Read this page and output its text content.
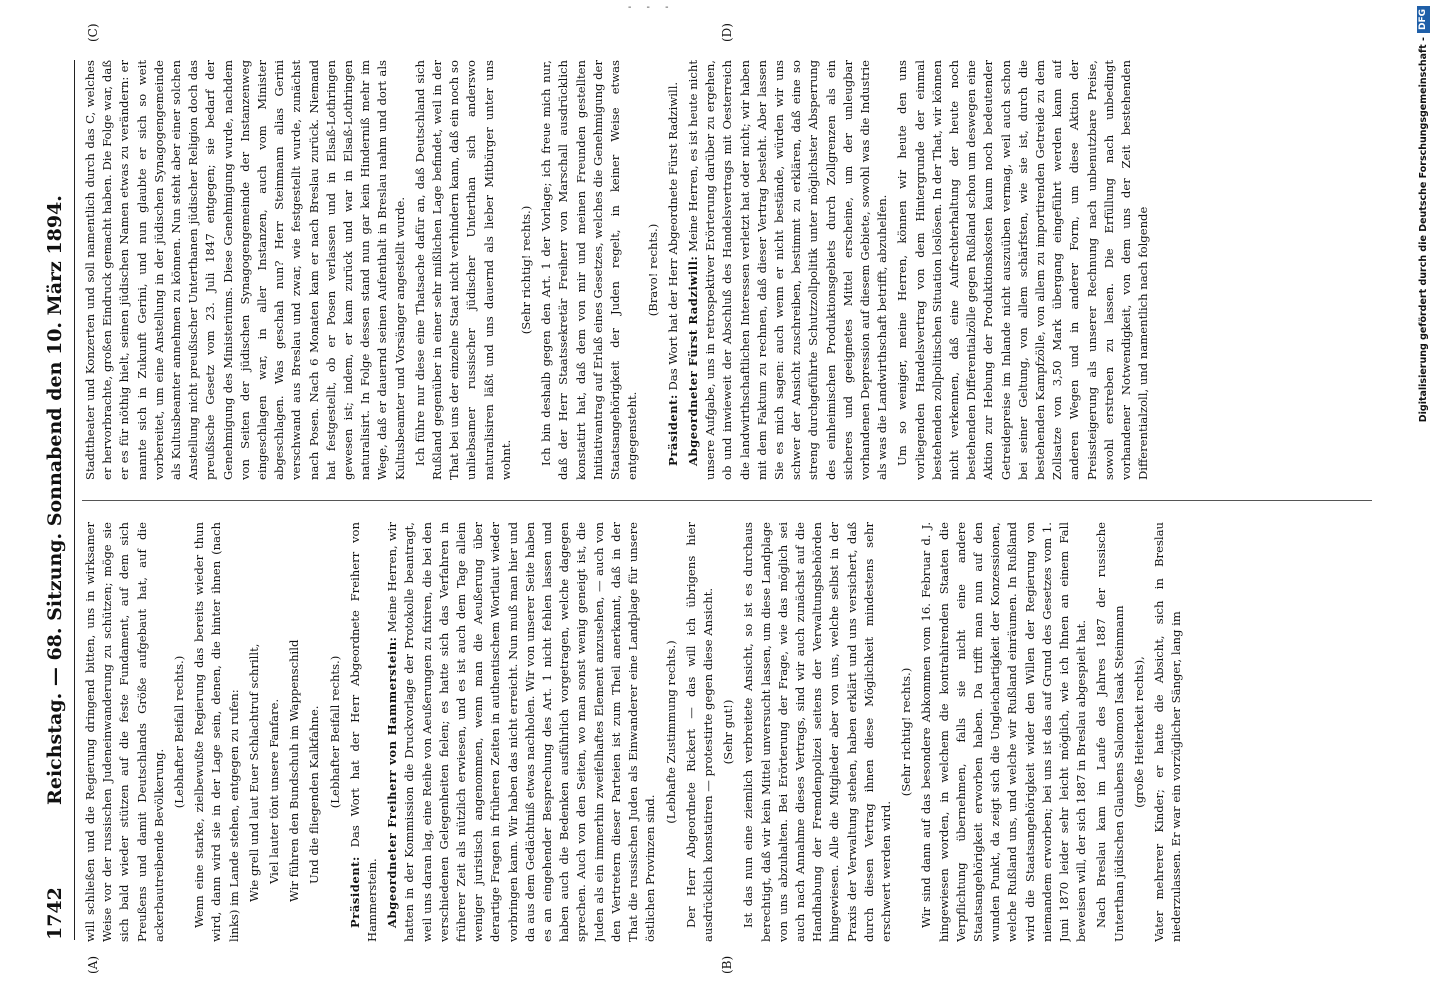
1742
Reichstag. — 68. Sitzung. Sonnabend den 10. März 1894.
(A)	(B)
(C)	(D)

will schließen und die Regierung dringend bitten, uns in wirksamer Weise vor der russischen Judeneinwanderung zu schützen; möge sie sich bald wieder stützen auf die feste Fundament, auf dem sich Preußens und damit Deutschlands Größe aufgebaut hat, auf die ackerbautreibende Bevölkerung.

(Lebhafter Beifall rechts.) Wenn eine starke, zielbewußte Regierung das bereits wieder thun wird, dann wird sie in der Lage sein, denen, die hinter ihnen (nach links) im Lande stehen, entgegen zu rufen: Wie grell und laut Euer Schlachtruf schrillt, Viel lauter tönt unsere Fanfare. Wir führen den Bundschuh im Wappenschild Und die fliegenden Kalkfahne. (Lebhafter Beifall rechts.)

Präsident: Das Wort hat der Herr Abgeordnete Freiherr von Hammerstein. Abgeordneter Freiherr von Hammerstein: Meine Herren, wir hatten in der Kommission die Druckvorlage der Protokolle beantragt, weil uns daran lag, eine Reihe von Aeußerungen zu fixiren, die bei den verschiedenen Gelegenheiten fielen; es hatte sich das Verfahren in früherer Zeit als nützlich erwiesen, und es ist auch dem Tage allein weniger juristisch angenommen, wenn man die Aeußerung über derartige Fragen in früheren Zeiten in authentischem Wortlaut wieder vorbringen kann. Wir haben das nicht erreicht. Nun muß man hier und da aus dem Gedächtniß etwas nachholen. Wir von unserer Seite haben es an eingehender Besprechung des Art. 1 nicht fehlen lassen und haben auch die Bedenken ausführlich vorgetragen, welche dagegen sprechen. Auch von den Seiten, wo man sonst wenig geneigt ist, die Juden als ein immerhin zweifelhaftes Element anzusehen, — auch von den Vertretern dieser Parteien ist zum Theil anerkannt, daß in der That die russischen Juden als Einwanderer eine Landplage für unsere östlichen Provinzen sind.

(Lebhafte Zustimmung rechts.) Der Herr Abgeordnete Rickert — das will ich übrigens hier ausdrücklich konstatiren — protestirte gegen diese Ansicht. (Sehr gut!) Ist das nun eine ziemlich verbreitete Ansicht, so ist es durchaus berechtigt, daß wir kein Mittel unversucht lassen, um diese Landplage von uns abzuhalten. Bei Erörterung der Frage, wie das möglich sei auch nach Annahme dieses Vertrags, sind wir auch zunächst auf die Handhabung der Fremdenpolizei seitens der Verwaltungsbehörden hingewiesen. Alle die Mitglieder aber von uns, welche selbst in der Praxis der Verwaltung stehen, haben erklärt und uns versichert, daß durch diesen Vertrag ihnen diese Möglichkeit mindestens sehr erschwert werden wird.

(Sehr richtig! rechts.) Wir sind dann auf das besondere Abkommen vom 16. Februar d. J. hingewiesen worden, in welchem die kontrahirenden Staaten die Verpflichtung übernehmen, falls sie nicht eine andere Staatsangehörigkeit erworben haben. Da trifft man nun auf den wunden Punkt, da zeigt sich die Ungleichartigkeit der Konzessionen, welche Rußland uns, und welche wir Rußland einräumen. In Rußland wird die Staatsangehörigkeit wider den Willen der Regierung von niemandem erworben; bei uns ist das auf Grund des Gesetzes vom 1. Juni 1870 leider sehr leicht möglich, wie ich Ihnen an einem Fall beweisen will, der sich 1887 in Breslau abgespielt hat. Nach Breslau kam im Laufe des Jahres 1887 der russische Unterthan jüdischen Glaubens Salomon Isaak Steinmann (große Heiterkeit rechts), Vater mehrerer Kinder; er hatte die Absicht, sich in Breslau niederzulassen. Er war ein vorzüglicher Sänger, lang im

Stadttheater und Konzerten und soll namentlich durch das C, welches er hervorbrachte, großen Eindruck gemacht haben. Die Folge war, daß er es für nöthig hielt, seinen jüdischen Namen etwas zu verändern: er nannte sich in Zukunft Gerini, und nun glaubte er sich so weit vorbereitet, um eine Anstellung in der jüdischen Synagogengemeinde als Kultusbeamter annehmen zu können. Nun steht aber einer solchen Anstellung nicht preußischer Unterthanen jüdischer Religion doch das preußische Gesetz vom 23. Juli 1847 entgegen; sie bedarf der Genehmigung des Ministeriums. Diese Genehmigung wurde, nachdem von Seiten der jüdischen Synagogengemeinde der Instanzenweg eingeschlagen war, in aller Instanzen, auch vom Minister abgeschlagen. Was geschah nun? Herr Steinmann alias Gerini verschwand aus Breslau und zwar, wie festgestellt wurde, zunächst nach Posen. Nach 6 Monaten kam er nach Breslau zurück. Niemand hat festgestellt, ob er Posen verlassen und in Elsaß-Lothringen gewesen ist; indem, er kam zurück und war in Elsaß-Lothringen naturalisirt. In Folge dessen stand nun gar kein Hinderniß mehr im Wege, daß er dauernd seinen Aufenthalt in Breslau nahm und dort als Kultusbeamter und Vorsänger angestellt wurde. Ich führe nur diese eine Thatsache dafür an, daß Deutschland sich Rußland gegenüber in einer sehr mißlichen Lage befindet, weil in der That bei uns der einzelne Staat nicht verhindern kann, daß ein noch so unliebsamer russischer jüdischer Unterthan sich anderswo naturalisiren läßt und uns dauernd als lieber Mitbürger unter uns wohnt.

(Sehr richtig! rechts.) Ich bin deshalb gegen den Art. 1 der Vorlage; ich freue mich nur, daß der Herr Staatssekretär Freiherr von Marschall ausdrücklich konstatirt hat, daß dem von mir und meinen Freunden gestellten Initiativantrag auf Erlaß eines Gesetzes, welches die Genehmigung der Staatsangehörigkeit der Juden regelt, in keiner Weise etwas entgegensteht.

(Bravo! rechts.)

Präsident: Das Wort hat der Herr Abgeordnete Fürst Radziwill. Abgeordneter Fürst Radziwill: Meine Herren, es ist heute nicht unsere Aufgabe, uns in retrospektiver Erörterung darüber zu ergehen, ob und inwieweit der Abschluß des Handelsvertrags mit Oesterreich die landwirthschaftlichen Interessen verletzt hat oder nicht; wir haben mit dem Faktum zu rechnen, daß dieser Vertrag besteht. Aber lassen Sie es mich sagen: auch wenn er nicht bestände, würden wir uns schwer der Ansicht zuschreiben, bestimmt zu erklären, daß eine so streng durchgeführte Schutzzollpolitik unter möglichster Absperrung des einheimischen Produktionsgebiets durch Zollgrenzen als ein sicheres und geeignetes Mittel erscheine, um der unleugbar vorhandenen Depression auf diesem Gebiete, sowohl was die Industrie als was die Landwirthschaft betrifft, abzuhelfen. Um so weniger, meine Herren, können wir heute den uns vorliegenden Handelsvertrag von dem Hintergrunde der einmal bestehenden zollpolitischen Situation loslösen. In der That, wir können nicht verkennen, daß eine Aufrechterhaltung der heute noch bestehenden Differentialzölle gegen Rußland schon um deswegen eine Aktion zur Hebung der Produktionskosten kaum noch bedeutender Getreidepreise im Inlande nicht auszuüben vermag, weil auch schon bei seiner Geltung, von allem schärfsten, wie sie ist, durch die bestehenden Kampfzölle, von allem zu importirenden Getreide zu dem Zollsatze von 3,50 Mark übergang eingeführt werden kann auf anderen Wegen und in anderer Form, um diese Aktion der Preissteigerung als unserer Rechnung nach unbenutzbare Preise, sowohl erstreben zu lassen. Die Erfüllung nach unbedingt vorhandener Notwendigkeit, von dem uns der Zeit bestehenden Differentialzoll, und namentlich nach folgende

- - -
Digitalisierung gefördert durch die Deutsche Forschungsgemeinschaft -DFG
